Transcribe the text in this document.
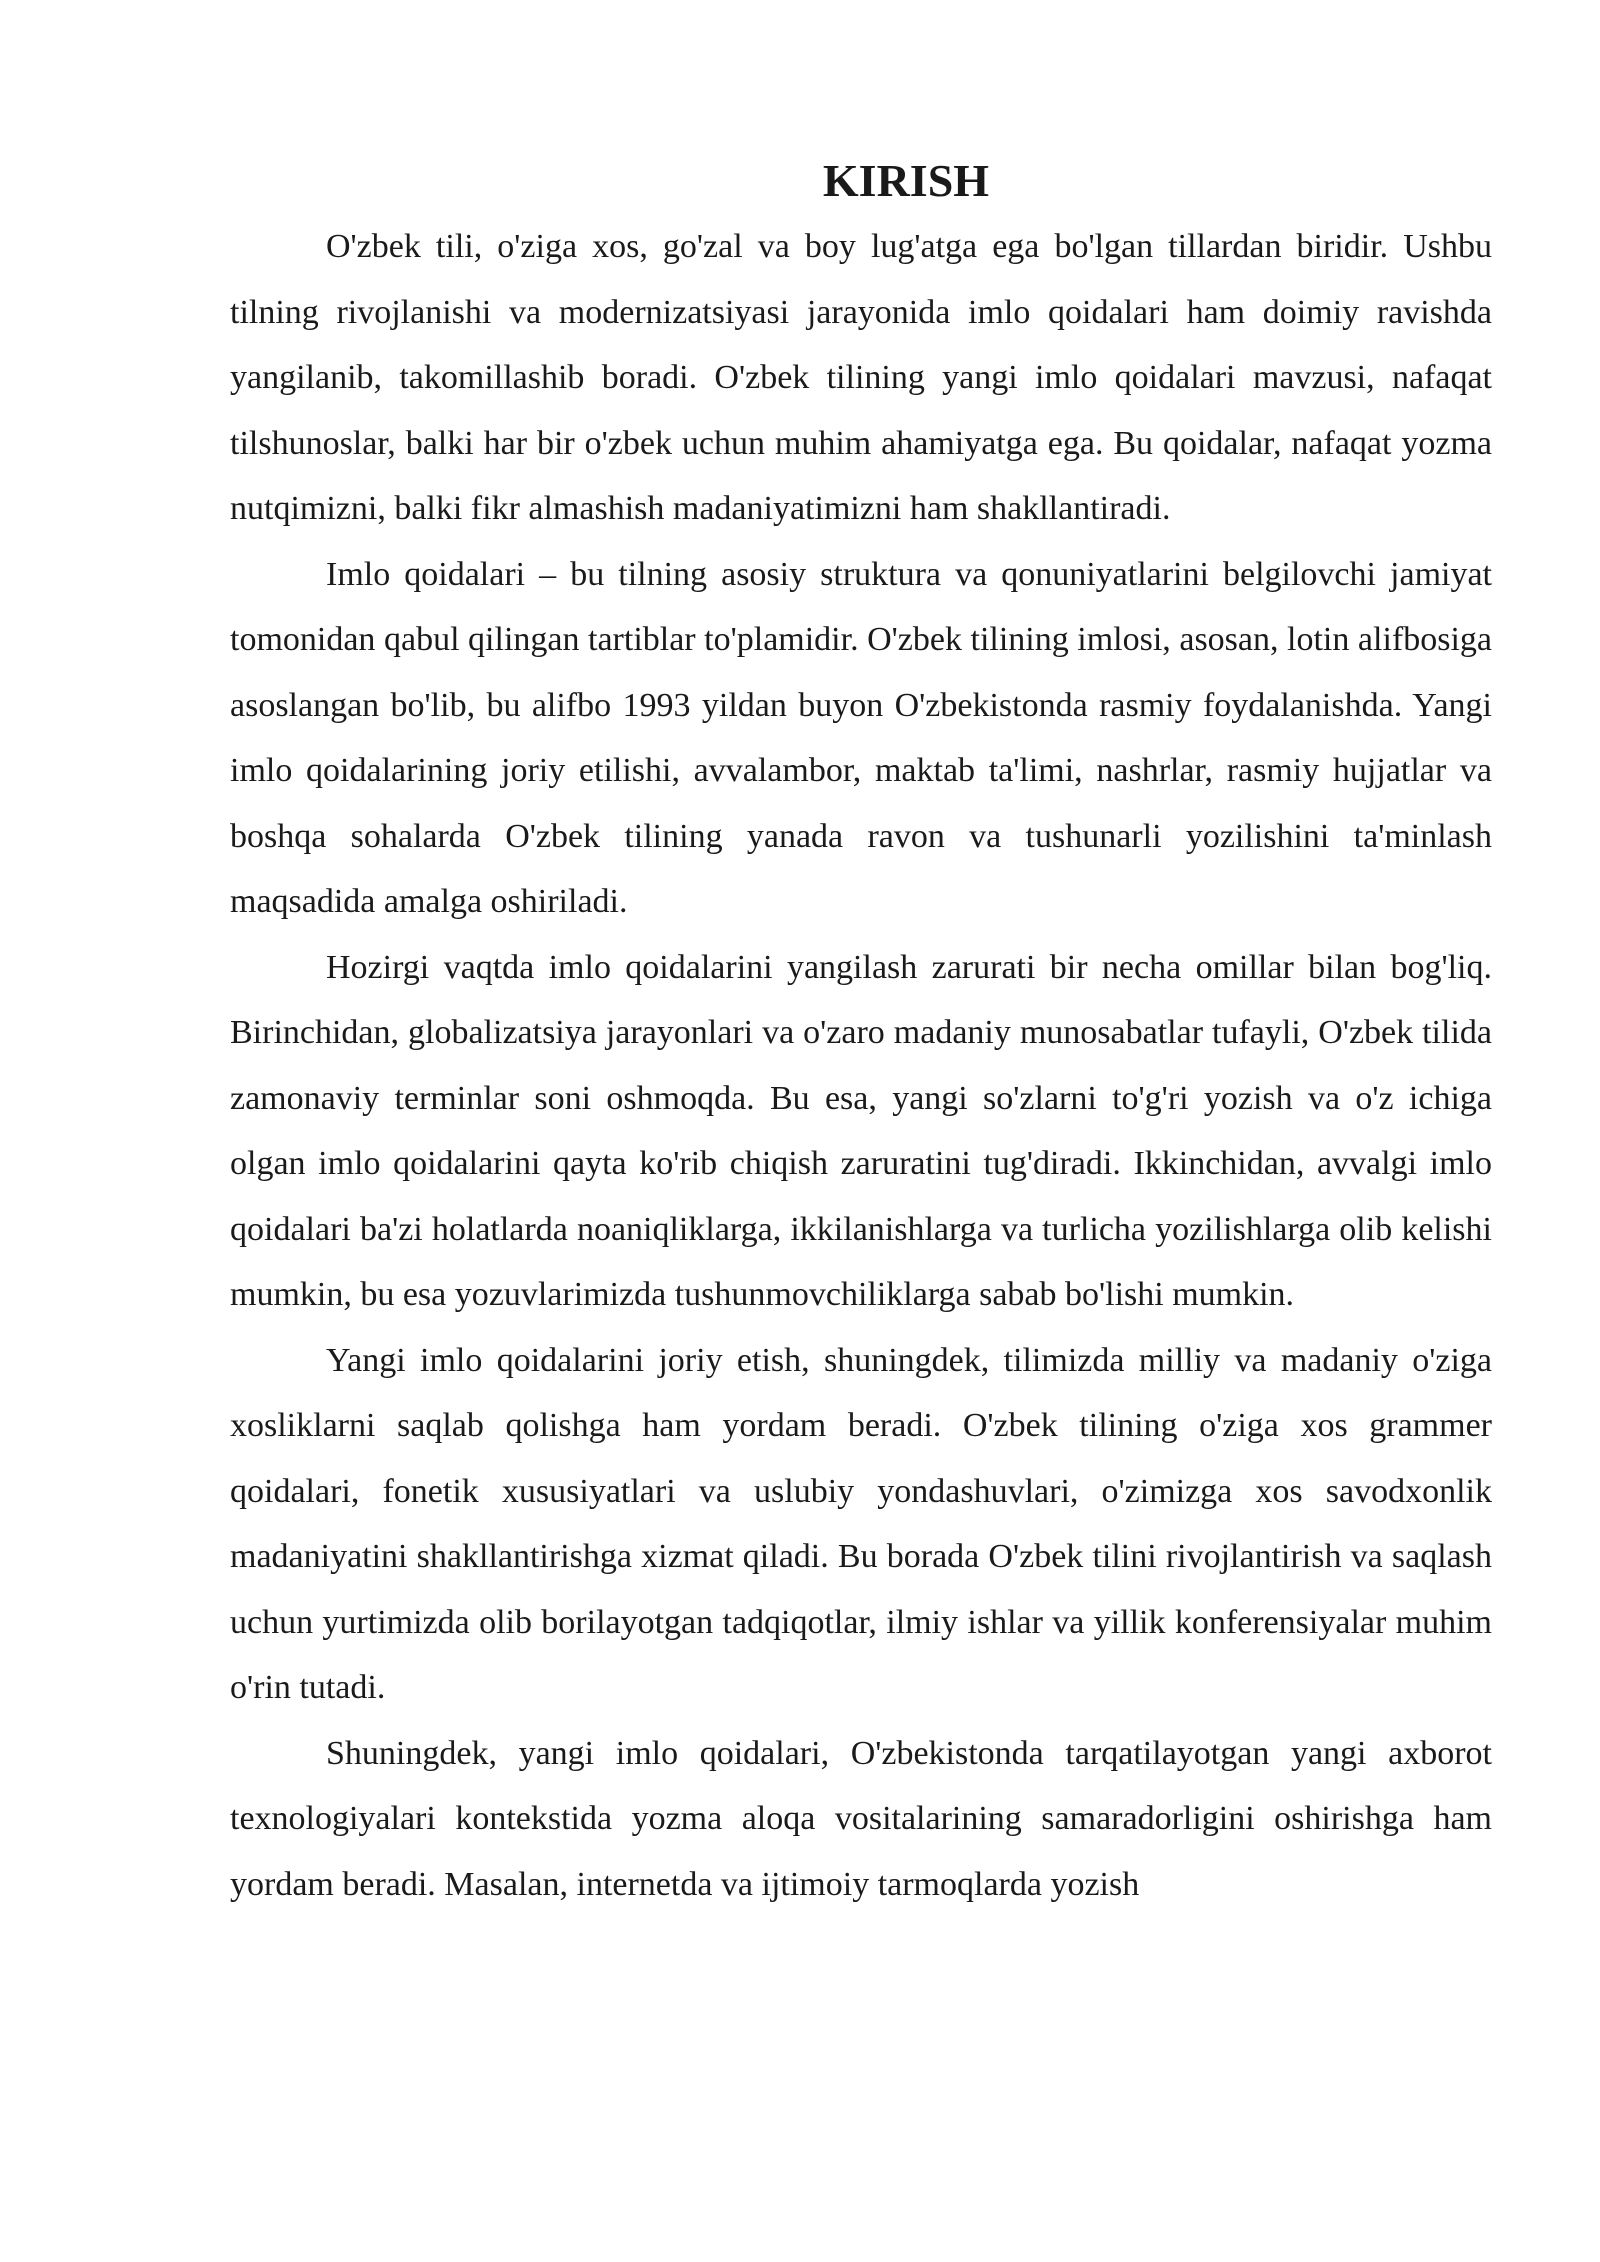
KIRISH

O'zbek tili, o'ziga xos, go'zal va boy lug'atga ega bo'lgan tillardan biridir. Ushbu tilning rivojlanishi va modernizatsiyasi jarayonida imlo qoidalari ham doimiy ravishda yangilanib, takomillashib boradi. O'zbek tilining yangi imlo qoidalari mavzusi, nafaqat tilshunoslar, balki har bir o'zbek uchun muhim ahamiyatga ega. Bu qoidalar, nafaqat yozma nutqimizni, balki fikr almashish madaniyatimizni ham shakllantiradi.

Imlo qoidalari – bu tilning asosiy struktura va qonuniyatlarini belgilovchi jamiyat tomonidan qabul qilingan tartiblar to'plamidir. O'zbek tilining imlosi, asosan, lotin alifbosiga asoslangan bo'lib, bu alifbo 1993 yildan buyon O'zbekistonda rasmiy foydalanishda. Yangi imlo qoidalarining joriy etilishi, avvalambor, maktab ta'limi, nashrlar, rasmiy hujjatlar va boshqa sohalarda O'zbek tilining yanada ravon va tushunarli yozilishini ta'minlash maqsadida amalga oshiriladi.

Hozirgi vaqtda imlo qoidalarini yangilash zarurati bir necha omillar bilan bog'liq. Birinchidan, globalizatsiya jarayonlari va o'zaro madaniy munosabatlar tufayli, O'zbek tilida zamonaviy terminlar soni oshmoqda. Bu esa, yangi so'zlarni to'g'ri yozish va o'z ichiga olgan imlo qoidalarini qayta ko'rib chiqish zaruratini tug'diradi. Ikkinchidan, avvalgi imlo qoidalari ba'zi holatlarda noaniqliklarga, ikkilanishlarga va turlicha yozilishlarga olib kelishi mumkin, bu esa yozuvlarimizda tushunmovchiliklarga sabab bo'lishi mumkin.

Yangi imlo qoidalarini joriy etish, shuningdek, tilimizda milliy va madaniy o'ziga xosliklarni saqlab qolishga ham yordam beradi. O'zbek tilining o'ziga xos grammer qoidalari, fonetik xususiyatlari va uslubiy yondashuvlari, o'zimizga xos savodxonlik madaniyatini shakllantirishga xizmat qiladi. Bu borada O'zbek tilini rivojlantirish va saqlash uchun yurtimizda olib borilayotgan tadqiqotlar, ilmiy ishlar va yillik konferensiyalar muhim o'rin tutadi.

Shuningdek, yangi imlo qoidalari, O'zbekistonda tarqatilayotgan yangi axborot texnologiyalari kontekstida yozma aloqa vositalarining samaradorligini oshirishga ham yordam beradi. Masalan, internetda va ijtimoiy tarmoqlarda yozish
